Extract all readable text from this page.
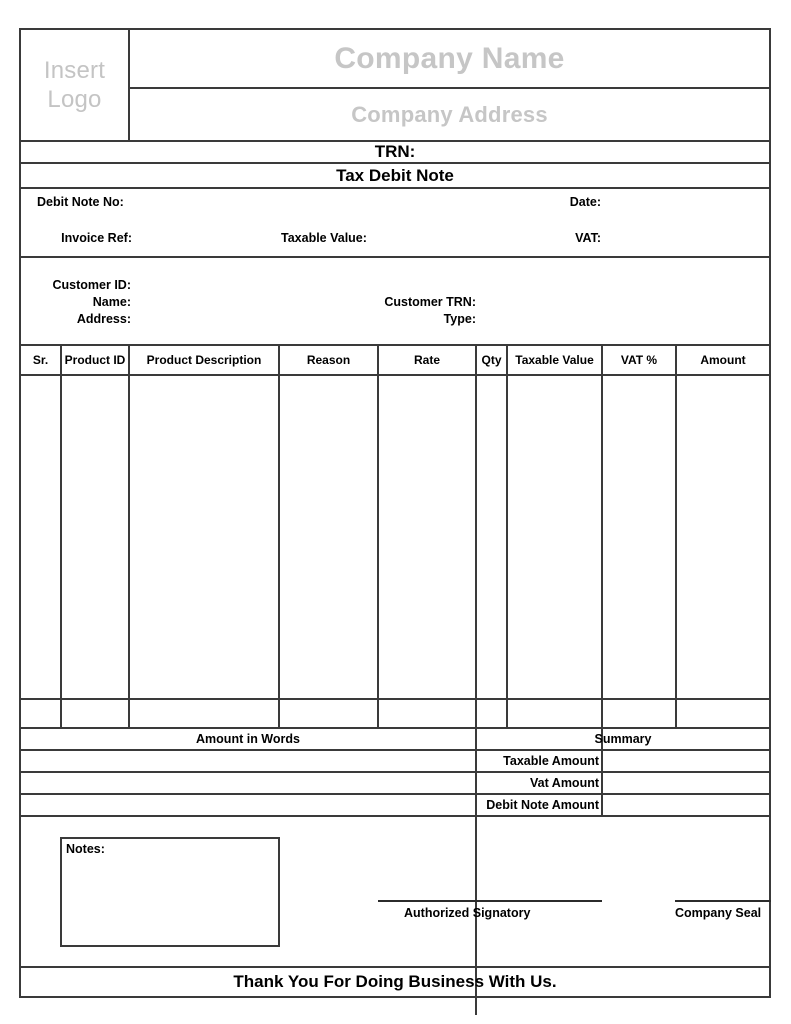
Insert
Logo
Company Name
Company Address
TRN:
Tax Debit Note
Debit Note No:	Date:
Invoice Ref:	Taxable Value:	VAT:
Customer ID:
Name:
Address:
Customer TRN:
Type:
Sr.	Product ID	Product Description	Reason	Rate	Qty	Taxable Value	VAT %	Amount
Amount in Words	Summary
Taxable Amount
Vat Amount
Debit Note Amount
Notes:
Authorized Signatory	Company Seal
Thank You For Doing Business With Us.
